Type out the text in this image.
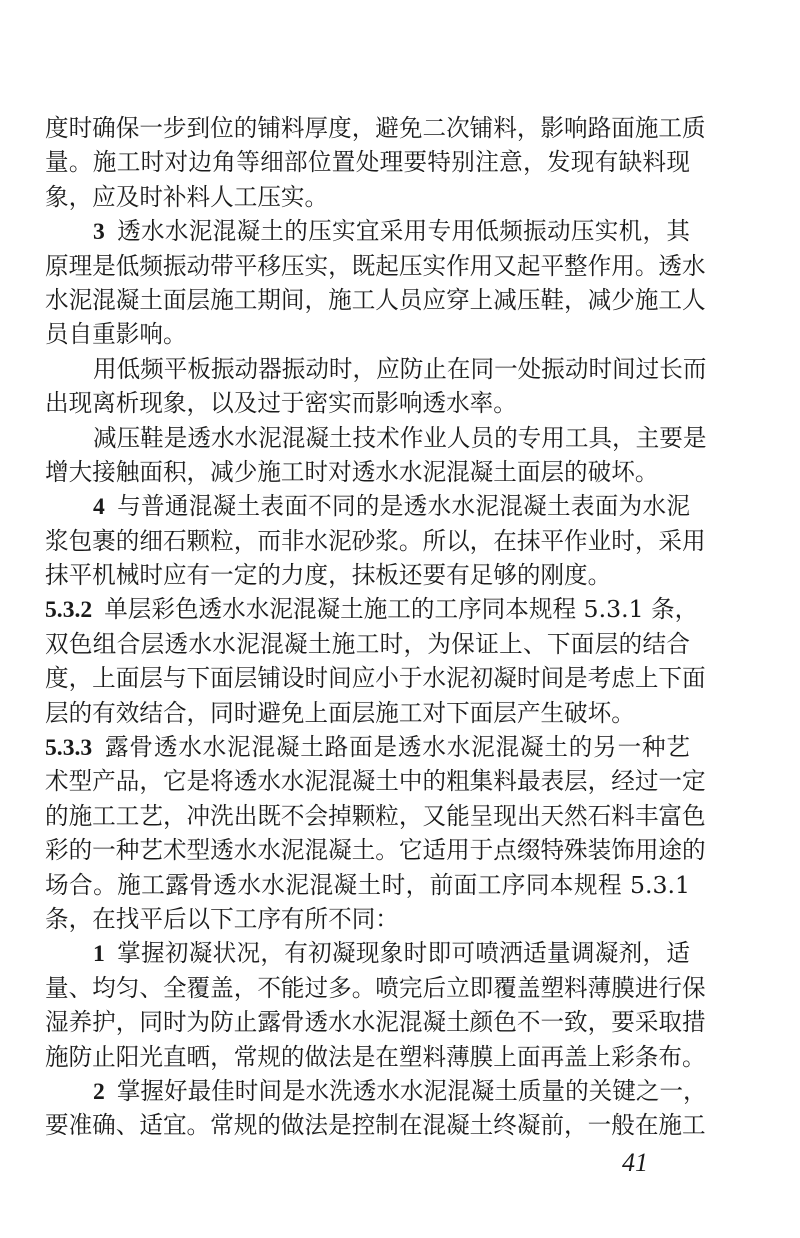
度时确保一步到位的铺料厚度，避免二次铺料，影响路面施工质
量。施工时对边角等细部位置处理要特别注意，发现有缺料现
象，应及时补料人工压实。
3 透水水泥混凝土的压实宜采用专用低频振动压实机，其
原理是低频振动带平移压实，既起压实作用又起平整作用。透水
水泥混凝土面层施工期间，施工人员应穿上减压鞋，减少施工人
员自重影响。
用低频平板振动器振动时，应防止在同一处振动时间过长而
出现离析现象，以及过于密实而影响透水率。
减压鞋是透水水泥混凝土技术作业人员的专用工具，主要是
增大接触面积，减少施工时对透水水泥混凝土面层的破坏。
4 与普通混凝土表面不同的是透水水泥混凝土表面为水泥
浆包裹的细石颗粒，而非水泥砂浆。所以，在抹平作业时，采用
抹平机械时应有一定的力度，抹板还要有足够的刚度。
5.3.2 单层彩色透水水泥混凝土施工的工序同本规程 5.3.1 条，
双色组合层透水水泥混凝土施工时，为保证上、下面层的结合
度，上面层与下面层铺设时间应小于水泥初凝时间是考虑上下面
层的有效结合，同时避免上面层施工对下面层产生破坏。
5.3.3 露骨透水水泥混凝土路面是透水水泥混凝土的另一种艺
术型产品，它是将透水水泥混凝土中的粗集料最表层，经过一定
的施工工艺，冲洗出既不会掉颗粒，又能呈现出天然石料丰富色
彩的一种艺术型透水水泥混凝土。它适用于点缀特殊装饰用途的
场合。施工露骨透水水泥混凝土时，前面工序同本规程 5.3.1
条，在找平后以下工序有所不同：
1 掌握初凝状况，有初凝现象时即可喷洒适量调凝剂，适
量、均匀、全覆盖，不能过多。喷完后立即覆盖塑料薄膜进行保
湿养护，同时为防止露骨透水水泥混凝土颜色不一致，要采取措
施防止阳光直晒，常规的做法是在塑料薄膜上面再盖上彩条布。
2 掌握好最佳时间是水洗透水水泥混凝土质量的关键之一，
要准确、适宜。常规的做法是控制在混凝土终凝前，一般在施工
41
